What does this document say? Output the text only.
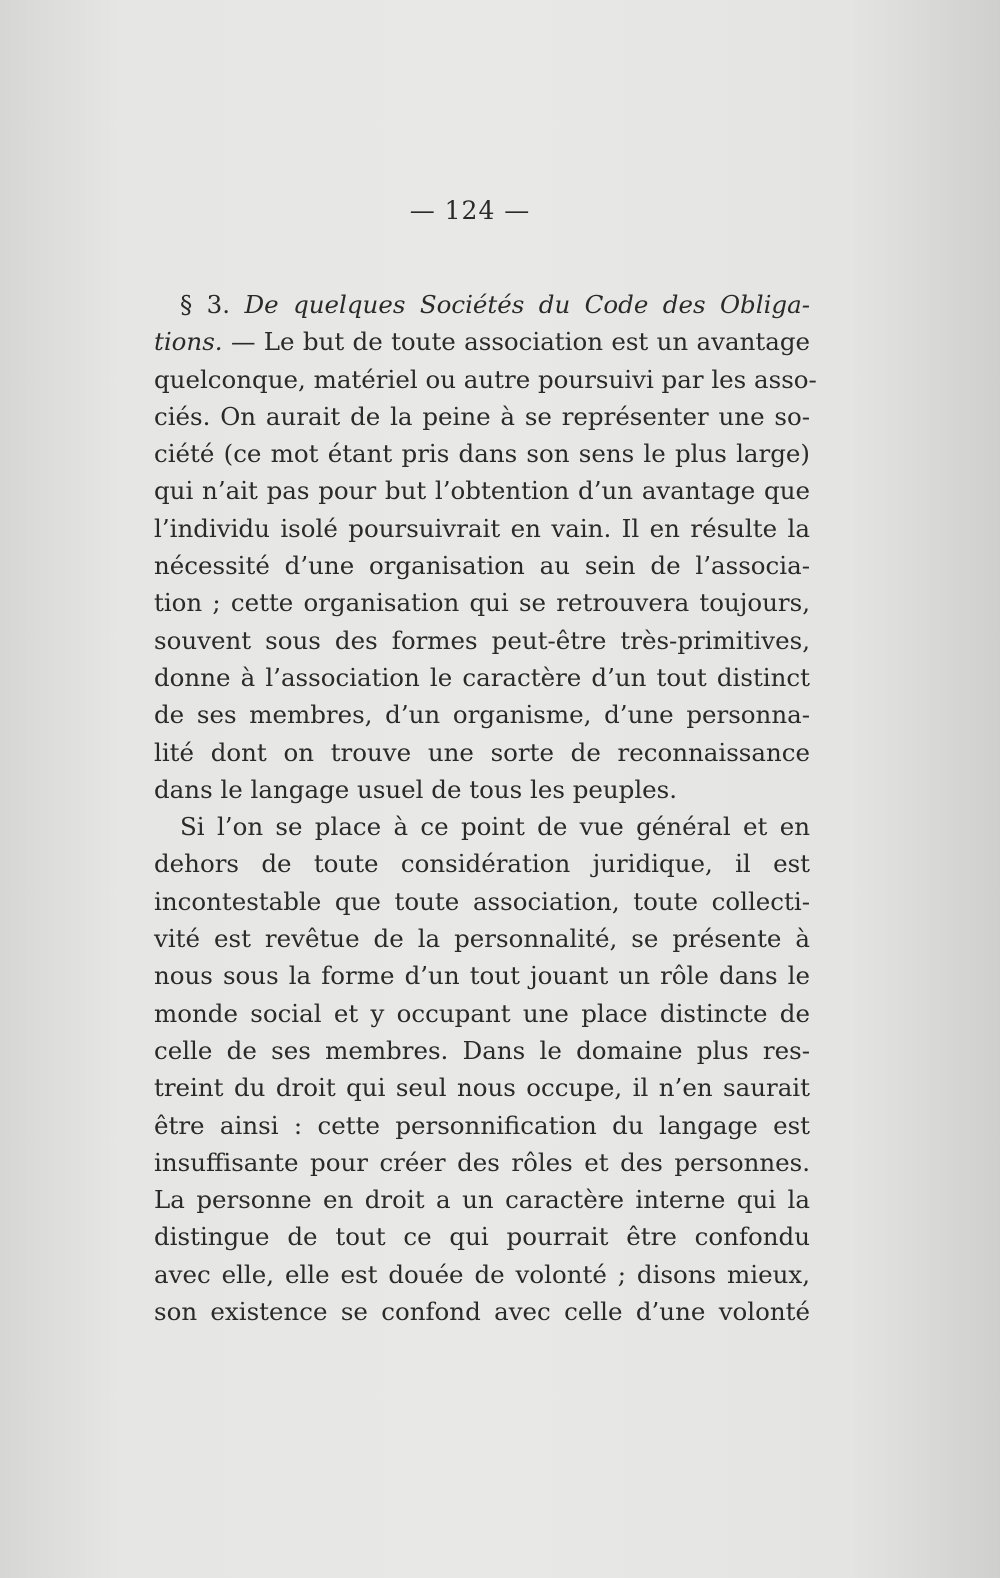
— 124 —
§ 3. De quelques Sociétés du Code des Obliga-
tions. — Le but de toute association est un avantage
quelconque, matériel ou autre poursuivi par les asso-
ciés. On aurait de la peine à se représenter une so-
ciété (ce mot étant pris dans son sens le plus large)
qui n’ait pas pour but l’obtention d’un avantage que
l’individu isolé poursuivrait en vain. Il en résulte la
nécessité d’une organisation au sein de l’associa-
tion ; cette organisation qui se retrouvera toujours,
souvent sous des formes peut-être très-primitives,
donne à l’association le caractère d’un tout distinct
de ses membres, d’un organisme, d’une personna-
lité dont on trouve une sorte de reconnaissance
dans le langage usuel de tous les peuples.
Si l’on se place à ce point de vue général et en
dehors de toute considération juridique, il est
incontestable que toute association, toute collecti-
vité est revêtue de la personnalité, se présente à
nous sous la forme d’un tout jouant un rôle dans le
monde social et y occupant une place distincte de
celle de ses membres. Dans le domaine plus res-
treint du droit qui seul nous occupe, il n’en saurait
être ainsi : cette personnification du langage est
insuffisante pour créer des rôles et des personnes.
La personne en droit a un caractère interne qui la
distingue de tout ce qui pourrait être confondu
avec elle, elle est douée de volonté ; disons mieux,
son existence se confond avec celle d’une volonté
